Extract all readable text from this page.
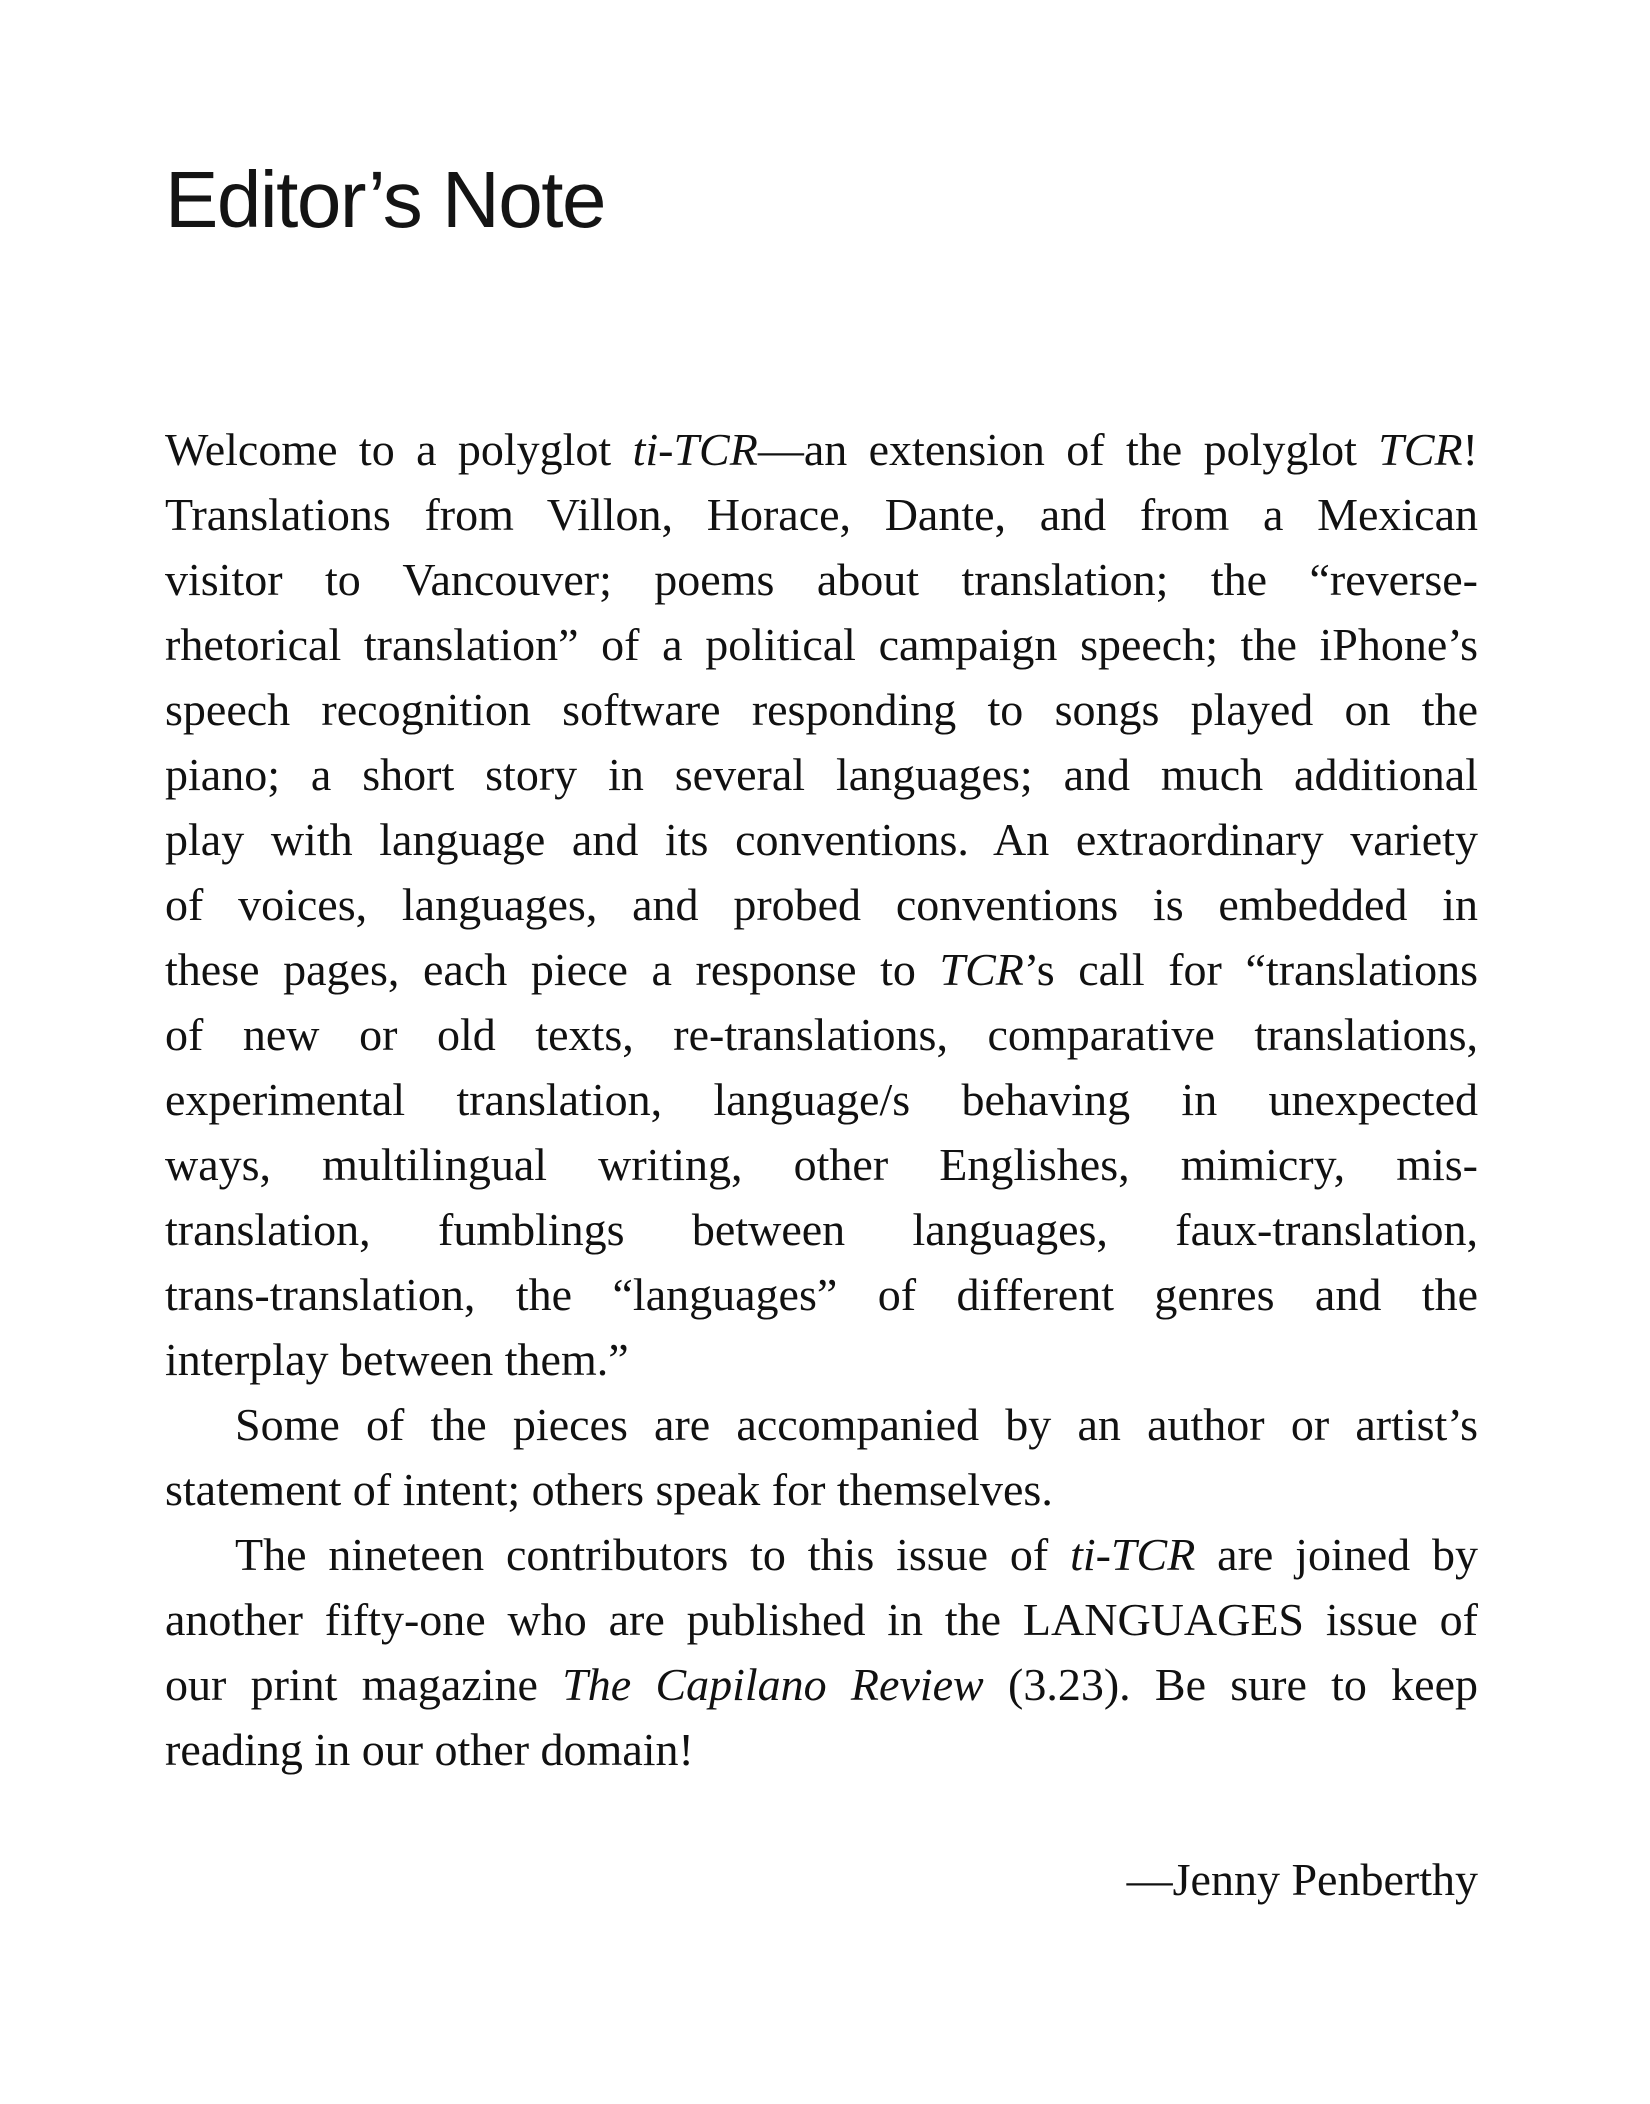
Editor’s Note
Welcome to a polyglot ti-TCR—an extension of the polyglot TCR!
Translations from Villon, Horace, Dante, and from a Mexican
visitor to Vancouver; poems about translation; the “reverse-
rhetorical translation” of a political campaign speech; the iPhone’s
speech recognition software responding to songs played on the
piano; a short story in several languages; and much additional
play with language and its conventions. An extraordinary variety
of voices, languages, and probed conventions is embedded in
these pages, each piece a response to TCR’s call for “translations
of new or old texts, re-translations, comparative translations,
experimental translation, language/s behaving in unexpected
ways, multilingual writing, other Englishes, mimicry, mis-
translation, fumblings between languages, faux-translation,
trans-translation, the “languages” of different genres and the
interplay between them.”
Some of the pieces are accompanied by an author or artist’s
statement of intent; others speak for themselves.
The nineteen contributors to this issue of ti-TCR are joined by
another fifty-one who are published in the LANGUAGES issue of
our print magazine The Capilano Review (3.23). Be sure to keep
reading in our other domain!
—Jenny Penberthy
